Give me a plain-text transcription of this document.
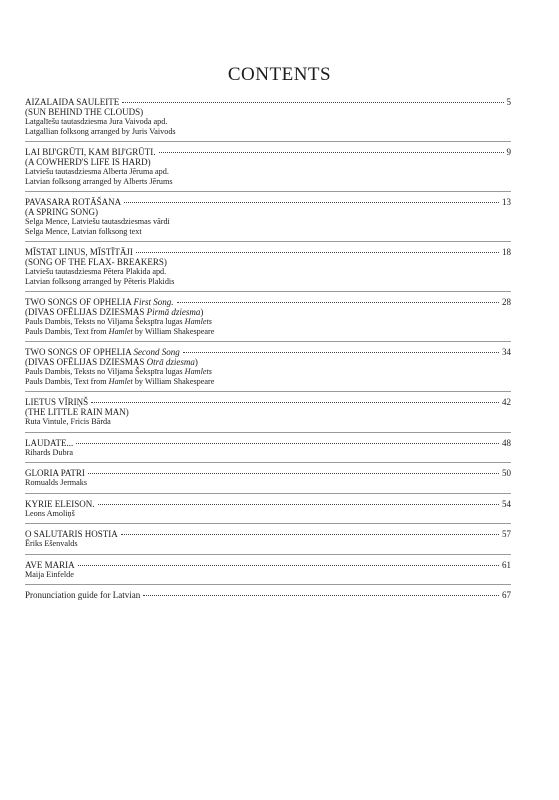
CONTENTS
AIZALAIDA SAULEITE	5
(SUN BEHIND THE CLOUDS)
Latgalīešu tautasdziesma Jura Vaivoda apd.
Latgallian folksong arranged by Juris Vaivods
LAI BIJ'GRŪTI, KAM BIJ'GRŪTI.	9
(A COWHERD'S LIFE IS HARD)
Latviešu tautasdziesma Alberta Jēruma apd.
Latvian folksong arranged by Alberts Jērums
PAVASARA ROTĀŠANA	13
(A SPRING SONG)
Selga Mence, Latviešu tautasdziesmas vārdi
Selga Mence, Latvian folksong text
MĪSTAT LINUS, MĪSTĪTĀJI	18
(SONG OF THE FLAX- BREAKERS)
Latviešu tautasdziesma Pētera Plakida apd.
Latvian folksong arranged by Pēteris Plakidis
TWO SONGS OF OPHELIA First Song.	28
(DIVAS OFĒLIJAS DZIESMAS Pirmā dziesma)
Pauls Dambis, Teksts no Viljama Šekspīra lugas Hamlets
Pauls Dambis, Text from Hamlet by William Shakespeare
TWO SONGS OF OPHELIA Second Song	34
(DIVAS OFĒLIJAS DZIESMAS Otrā dziesma)
Pauls Dambis, Teksts no Viljama Šekspīra lugas Hamlets
Pauls Dambis, Text from Hamlet by William Shakespeare
LIETUS VĪRIŅŠ	42
(THE LITTLE RAIN MAN)
Ruta Vintule, Fricis Bārda
LAUDATE...	48
Rihards Dubra
GLORIA PATRI	50
Romualds Jermaks
KYRIE ELEISON.	54
Leons Amoliņš
O SALUTARIS HOSTIA	57
Ēriks Ešenvalds
AVE MARIA	61
Maija Einfelde
Pronunciation guide for Latvian	67
